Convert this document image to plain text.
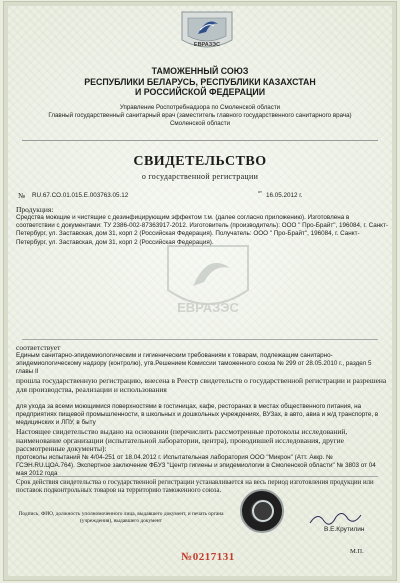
ЕВРАЗЭС
ТАМОЖЕННЫЙ СОЮЗ
РЕСПУБЛИКИ БЕЛАРУСЬ, РЕСПУБЛИКИ КАЗАХСТАН
И РОССИЙСКОЙ ФЕДЕРАЦИИ
Управление Роспотребнадзора по Смоленской области
Главный государственный санитарный врач (заместитель главного государственного санитарного врача)
Смоленской области
СВИДЕТЕЛЬСТВО
о государственной регистрации
№ RU.67.CO.01.015.E.003763.05.12
от
16.05.2012 г.
Продукция:
Средства моющие и чистящие с дезинфицирующим эффектом т.м. (далее согласно приложению). Изготовлена в соответствии с документами: ТУ 2386-002-87363917-2012. Изготовитель (производитель): ООО " Про-Брайт", 196084, г. Санкт-Петербург, ул. Заставская, дом 31, корп 2 (Российская Федерация). Получатель: ООО " Про-Брайт", 196084, г. Санкт-Петербург, ул. Заставская, дом 31, корп 2 (Российская Федерация).
ЕВРАЗЭС
соответствует
Единым санитарно-эпидемиологическим и гигиеническим требованиям к товарам, подлежащим санитарно-эпидемиологическому надзору (контролю), утв.Решением Комиссии таможенного союза № 299 от 28.05.2010 г., раздел 5 главы II
прошла государственную регистрацию, внесена в Реестр свидетельств о государственной регистрации и разрешена для производства, реализации и использования
для ухода за всеми моющимися поверхностями в гостиницах, кафе, ресторанах в местах общественного питания, на предприятиях пищевой промышленности, в школьных и дошкольных учреждениях, ВУЗах, в авто, авиа и ж/д транспорте, в медицинских и ЛПУ, в быту
Настоящее свидетельство выдано на основании (перечислить рассмотренные протоколы исследований, наименование организации (испытательной лаборатории, центра), проводившей исследования, другие рассмотренные документы):
протоколы испытаний № 4/04-251 от 18.04.2012 г. Испытательная лаборатория ООО "Микрон" (Атт. Аккр. № ГСЭН.RU.ЦОА.764). Экспертное заключение ФБУЗ "Центр гигиены и эпидемиологии в Смоленской области" № 3803 от 04 мая 2012 года
Срок действия свидетельства о государственной регистрации устанавливается на весь период изготовления продукции или поставок подконтрольных товаров на территорию таможенного союза.
Подпись, ФИО, должность уполномоченного лица, выдавшего документ, и печать органа (учреждения), выдавшего документ
В.Е.Крутилин
№0217131	М.П.
